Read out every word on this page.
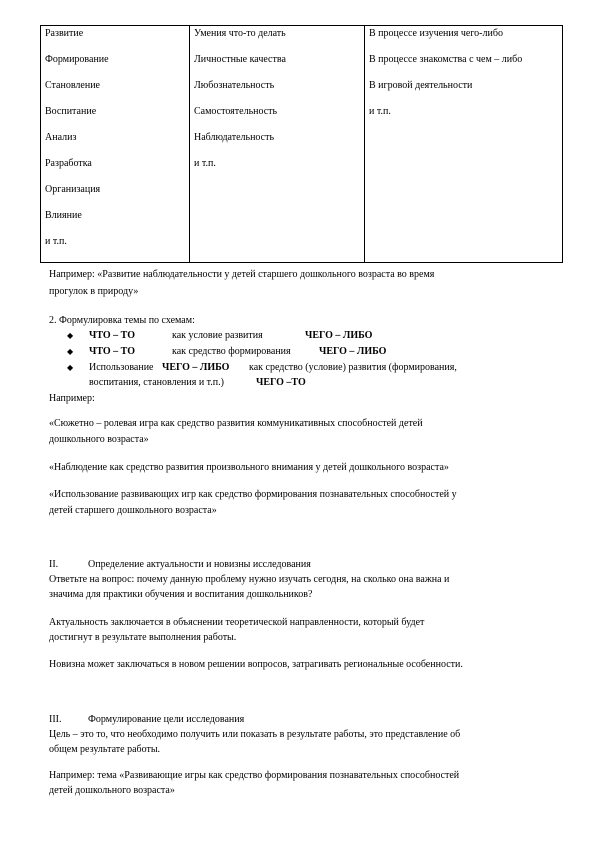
Развитие
Формирование
Становление
Воспитание
Анализ
Разработка
Организация
Влияние
и т.п.

Умения что-то делать
Личностные качества
Любознательность
Самостоятельность
Наблюдательность
и т.п.

В процессе изучения чего-либо
В процессе знакомства с чем – либо
В игровой деятельности
и т.п.
Например: «Развитие наблюдательности у детей старшего дошкольного возраста во время
прогулок в природу»
2. Формулировка темы по схемам:
◆ ЧТО – ТО	как условие развития	ЧЕГО – ЛИБО
◆ ЧТО – ТО	как средство формирования	ЧЕГО – ЛИБО
◆ Использование ЧЕГО – ЛИБО как средство (условие) развития (формирования,
воспитания, становления и т.п.)	ЧЕГО –ТО
Например:
«Сюжетно – ролевая игра как средство развития коммуникативных способностей детей
дошкольного возраста»
«Наблюдение как средство развития произвольного внимания у детей дошкольного возраста»
«Использование развивающих игр как средство формирования познавательных способностей у
детей старшего дошкольного возраста»
II.	Определение актуальности и новизны исследования
Ответьте на вопрос: почему данную проблему нужно изучать сегодня, на сколько она важна и
значима для практики обучения и воспитания дошкольников?
Актуальность заключается в объяснении теоретической направленности, который будет
достигнут в результате выполнения работы.
Новизна может заключаться в новом решении вопросов, затрагивать региональные особенности.
III.	Формулирование цели исследования
Цель – это то, что необходимо получить или показать в результате работы, это представление об
общем результате работы.
Например: тема «Развивающие игры как средство формирования познавательных способностей
детей дошкольного возраста»
